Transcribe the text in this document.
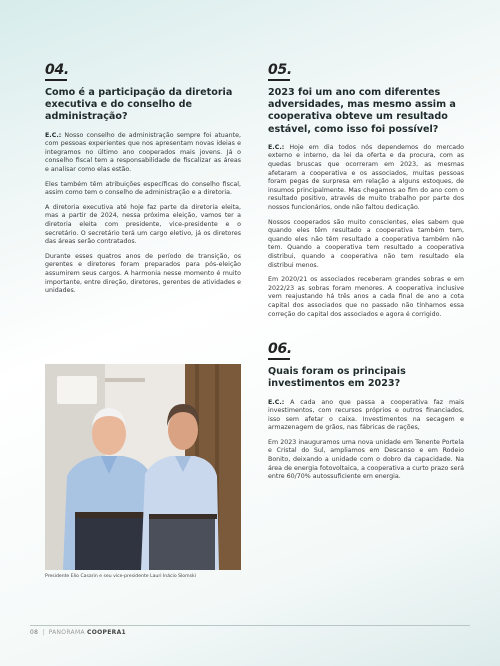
04.
Como é a participação da diretoria executiva e do conselho de administração?

E.C.: Nosso conselho de administração sempre foi atuante, com pessoas experientes que nos apresentam novas ideias e integramos no último ano cooperados mais jovens. Já o conselho fiscal tem a responsabilidade de fiscalizar as áreas e analisar como elas estão.

Eles também têm atribuições específicas do conselho fiscal, assim como tem o conselho de administração e a diretoria.

A diretoria executiva até hoje faz parte da diretoria eleita, mas a partir de 2024, nessa próxima eleição, vamos ter a diretoria eleita com presidente, vice-presidente e o secretário. O secretário terá um cargo eletivo, já os diretores das áreas serão contratados.

Durante esses quatros anos de período de transição, os gerentes e diretores foram preparados para pós-eleição assumirem seus cargos. A harmonia nesse momento é muito importante, entre direção, diretores, gerentes de atividades e unidades.

Presidente Elio Casarin e seu vice-presidente Lauri Inácio Slomski
05.
2023 foi um ano com diferentes adversidades, mas mesmo assim a cooperativa obteve um resultado estável, como isso foi possível?

E.C.: Hoje em dia todos nós dependemos do mercado externo e interno, da lei da oferta e da procura, com as quedas bruscas que ocorreram em 2023, as mesmas afetaram a cooperativa e os associados, muitas pessoas foram pegas de surpresa em relação a alguns estoques, de insumos principalmente. Mas chegamos ao fim do ano com o resultado positivo, através de muito trabalho por parte dos nossos funcionários, onde não faltou dedicação.

Nossos cooperados são muito conscientes, eles sabem que quando eles têm resultado a cooperativa também tem, quando eles não têm resultado a cooperativa também não tem. Quando a cooperativa tem resultado a cooperativa distribui, quando a cooperativa não tem resultado ela distribui menos.

Em 2020/21 os associados receberam grandes sobras e em 2022/23 as sobras foram menores. A cooperativa inclusive vem reajustando há três anos a cada final de ano a cota capital dos associados que no passado não tínhamos essa correção do capital dos associados e agora é corrigido.

06.
Quais foram os principais investimentos em 2023?

E.C.: A cada ano que passa a cooperativa faz mais investimentos, com recursos próprios e outros financiados, isso sem afetar o caixa. Investimentos na secagem e armazenagem de grãos, nas fábricas de rações,

Em 2023 inauguramos uma nova unidade em Tenente Portela e Cristal do Sul, ampliamos em Descanso e em Rodeio Bonito, deixando a unidade com o dobro da capacidade. Na área de energia fotovoltaica, a cooperativa a curto prazo será entre 60/70% autossuficiente em energia.

08 | PANORAMA COOPERA1
